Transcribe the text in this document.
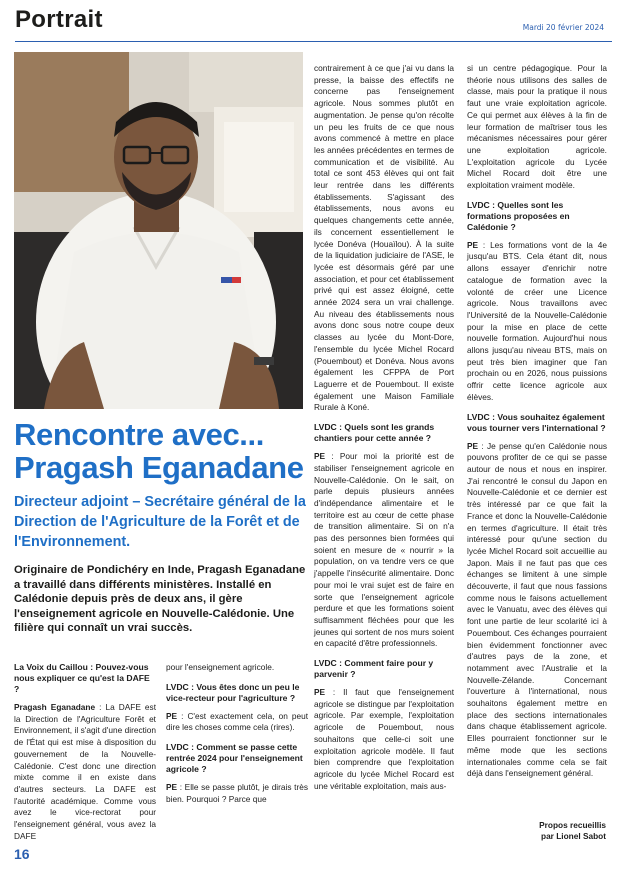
Portrait	Mardi 20 février 2024
Rencontre avec... Pragash Eganadane
Directeur adjoint – Secrétaire général de la Direction de l'Agriculture de la Forêt et de l'Environnement.
Originaire de Pondichéry en Inde, Pragash Eganadane a travaillé dans différents ministères. Installé en Calédonie depuis près de deux ans, il gère l'enseignement agricole en Nouvelle-Calédonie. Une filière qui connaît un vrai succès.

La Voix du Caillou : Pouvez-vous nous expliquer ce qu'est la DAFE ?

Pragash Eganadane : La DAFE est la Direction de l'Agriculture Forêt et Environnement, il s'agit d'une direction de l'État qui est mise à disposition du gouvernement de la Nouvelle-Calédonie. C'est donc une direction mixte comme il en existe dans d'autres secteurs. La DAFE est l'autorité académique. Comme vous avez le vice-rectorat pour l'enseignement général, vous avez la DAFE

pour l'enseignement agricole.

LVDC : Vous êtes donc un peu le vice-recteur pour l'agriculture ?

PE : C'est exactement cela, on peut dire les choses comme cela (rires).

LVDC : Comment se passe cette rentrée 2024 pour l'enseignement agricole ?

PE : Elle se passe plutôt, je dirais très bien. Pourquoi ? Parce que

contrairement à ce que j'ai vu dans la presse, la baisse des effectifs ne concerne pas l'enseignement agricole. Nous sommes plutôt en augmentation. Je pense qu'on récolte un peu les fruits de ce que nous avons commencé à mettre en place les années précédentes en termes de communication et de visibilité. Au total ce sont 453 élèves qui ont fait leur rentrée dans les différents établissements. S'agissant des établissements, nous avons eu quelques changements cette année, ils concernent essentiellement le lycée Donéva (Houaïlou). À la suite de la liquidation judiciaire de l'ASE, le lycée est désormais géré par une association, et pour cet établissement privé qui est assez éloigné, cette année 2024 sera un vrai challenge. Au niveau des établissements nous avons donc sous notre coupe deux classes au lycée du Mont-Dore, l'ensemble du lycée Michel Rocard (Pouembout) et Donéva. Nous avons également les CFPPA de Port Laguerre et de Pouembout. Il existe également une Maison Familiale Rurale à Koné.

LVDC : Quels sont les grands chantiers pour cette année ?

PE : Pour moi la priorité est de stabiliser l'enseignement agricole en Nouvelle-Calédonie. On le sait, on parle depuis plusieurs années d'indépendance alimentaire et le territoire est au cœur de cette phase de transition alimentaire. Si on n'a pas des personnes bien formées qui soient en mesure de « nourrir » la population, on va tendre vers ce que j'appelle l'insécurité alimentaire. Donc pour moi le vrai sujet est de faire en sorte que l'enseignement agricole perdure et que les formations soient suffisamment fléchées pour que les jeunes qui sortent de nos murs soient en capacité d'être professionnels.

LVDC : Comment faire pour y parvenir ?

PE : Il faut que l'enseignement agricole se distingue par l'exploitation agricole. Par exemple, l'exploitation agricole de Pouembout, nous souhaitons que celle-ci soit une exploitation agricole modèle. Il faut bien comprendre que l'exploitation agricole du lycée Michel Rocard est une véritable exploitation, mais aus-

si un centre pédagogique. Pour la théorie nous utilisons des salles de classe, mais pour la pratique il nous faut une vraie exploitation agricole. Ce qui permet aux élèves à la fin de leur formation de maîtriser tous les mécanismes nécessaires pour gérer une exploitation agricole. L'exploitation agricole du Lycée Michel Rocard doit être une exploitation vraiment modèle.

LVDC : Quelles sont les formations proposées en Calédonie ?

PE : Les formations vont de la 4e jusqu'au BTS. Cela étant dit, nous allons essayer d'enrichir notre catalogue de formation avec la volonté de créer une Licence agricole. Nous travaillons avec l'Université de la Nouvelle-Calédonie pour la mise en place de cette nouvelle formation. Aujourd'hui nous allons jusqu'au niveau BTS, mais on peut très bien imaginer que l'an prochain ou en 2026, nous puissions offrir cette licence agricole aux élèves.

LVDC : Vous souhaitez également vous tourner vers l'international ?

PE : Je pense qu'en Calédonie nous pouvons profiter de ce qui se passe autour de nous et nous en inspirer. J'ai rencontré le consul du Japon en Nouvelle-Calédonie et ce dernier est très intéressé par ce que fait la France et donc la Nouvelle-Calédonie en termes d'agriculture. Il était très intéressé pour qu'une section du lycée Michel Rocard soit accueillie au Japon. Mais il ne faut pas que ces échanges se limitent à une simple découverte, il faut que nous fassions comme nous le faisons actuellement avec le Vanuatu, avec des élèves qui font une partie de leur scolarité ici à Pouembout. Ces échanges pourraient bien évidemment fonctionner avec d'autres pays de la zone, et notamment avec l'Australie et la Nouvelle-Zélande. Concernant l'ouverture à l'international, nous souhaitons également mettre en place des sections internationales dans chaque établissement agricole. Elles pourraient fonctionner sur le même mode que les sections internationales comme cela se fait déjà dans l'enseignement général.

Propos recueillis
par Lionel Sabot
16
